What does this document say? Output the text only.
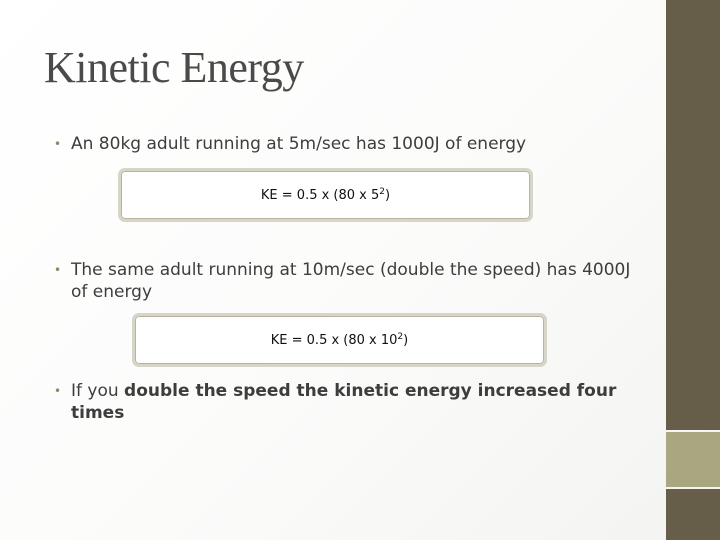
Kinetic Energy
• An 80kg adult running at 5m/sec has 1000J of energy
KE = 0.5 x (80 x $5^2$)
• The same adult running at 10m/sec (double the speed) has 4000J of energy
KE = 0.5 x (80 x $10^2$)
• If you double the speed the kinetic energy increased four times
